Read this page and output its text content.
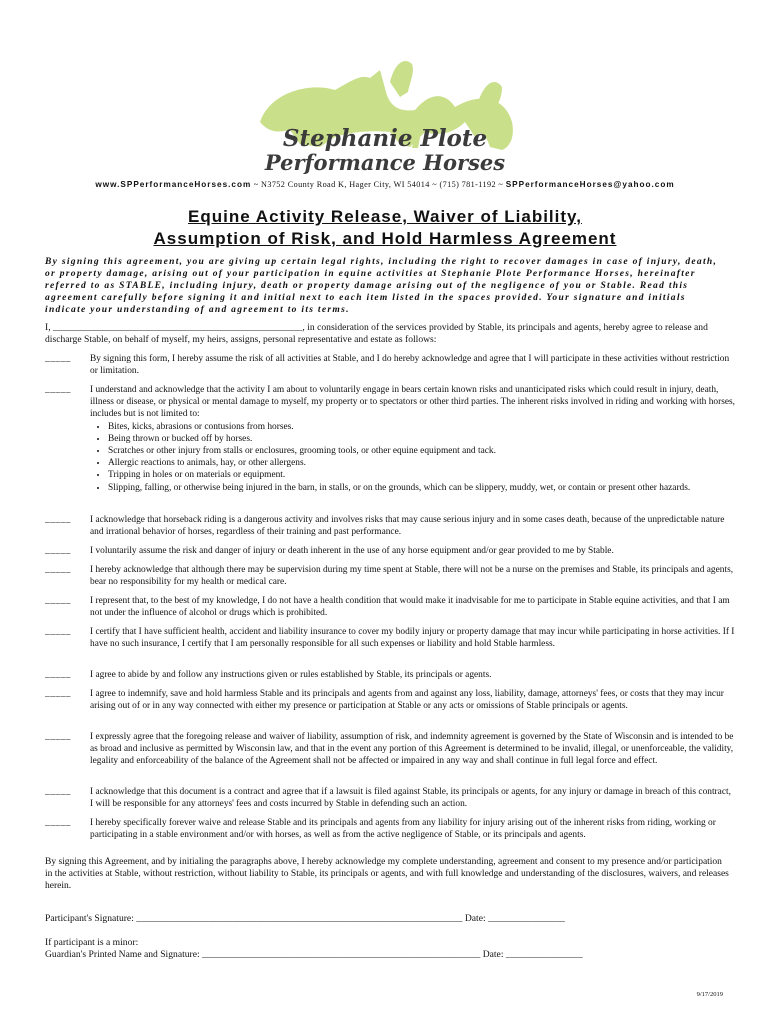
Stephanie Plote
Performance Horses
www.SPPerformanceHorses.com ~ N3752 County Road K, Hager City, WI 54014 ~ (715) 781-1192 ~ SPPerformanceHorses@yahoo.com
Equine Activity Release, Waiver of Liability,
Assumption of Risk, and Hold Harmless Agreement
By signing this agreement, you are giving up certain legal rights, including the right to recover damages in case of injury, death, or property damage, arising out of your participation in equine activities at Stephanie Plote Performance Horses, hereinafter referred to as STABLE, including injury, death or property damage arising out of the negligence of you or Stable. Read this agreement carefully before signing it and initial next to each item listed in the spaces provided. Your signature and initials indicate your understanding of and agreement to its terms.
I, ____________________________________________________, in consideration of the services provided by Stable, its principals and agents, hereby agree to release and discharge Stable, on behalf of myself, my heirs, assigns, personal representative and estate as follows:
_____ By signing this form, I hereby assume the risk of all activities at Stable, and I do hereby acknowledge and agree that I will participate in these activities without restriction or limitation.
_____ I understand and acknowledge that the activity I am about to voluntarily engage in bears certain known risks and unanticipated risks which could result in injury, death, illness or disease, or physical or mental damage to myself, my property or to spectators or other third parties. The inherent risks involved in riding and working with horses, includes but is not limited to:
• Bites, kicks, abrasions or contusions from horses.
• Being thrown or bucked off by horses.
• Scratches or other injury from stalls or enclosures, grooming tools, or other equine equipment and tack.
• Allergic reactions to animals, hay, or other allergens.
• Tripping in holes or on materials or equipment.
• Slipping, falling, or otherwise being injured in the barn, in stalls, or on the grounds, which can be slippery, muddy, wet, or contain or present other hazards.
_____ I acknowledge that horseback riding is a dangerous activity and involves risks that may cause serious injury and in some cases death, because of the unpredictable nature and irrational behavior of horses, regardless of their training and past performance.
_____ I voluntarily assume the risk and danger of injury or death inherent in the use of any horse equipment and/or gear provided to me by Stable.
_____ I hereby acknowledge that although there may be supervision during my time spent at Stable, there will not be a nurse on the premises and Stable, its principals and agents, bear no responsibility for my health or medical care.
_____ I represent that, to the best of my knowledge, I do not have a health condition that would make it inadvisable for me to participate in Stable equine activities, and that I am not under the influence of alcohol or drugs which is prohibited.
_____ I certify that I have sufficient health, accident and liability insurance to cover my bodily injury or property damage that may incur while participating in horse activities. If I have no such insurance, I certify that I am personally responsible for all such expenses or liability and hold Stable harmless.
_____ I agree to abide by and follow any instructions given or rules established by Stable, its principals or agents.
_____ I agree to indemnify, save and hold harmless Stable and its principals and agents from and against any loss, liability, damage, attorneys' fees, or costs that they may incur arising out of or in any way connected with either my presence or participation at Stable or any acts or omissions of Stable principals or agents.
_____ I expressly agree that the foregoing release and waiver of liability, assumption of risk, and indemnity agreement is governed by the State of Wisconsin and is intended to be as broad and inclusive as permitted by Wisconsin law, and that in the event any portion of this Agreement is determined to be invalid, illegal, or unenforceable, the validity, legality and enforceability of the balance of the Agreement shall not be affected or impaired in any way and shall continue in full legal force and effect.
_____ I acknowledge that this document is a contract and agree that if a lawsuit is filed against Stable, its principals or agents, for any injury or damage in breach of this contract, I will be responsible for any attorneys' fees and costs incurred by Stable in defending such an action.
_____ I hereby specifically forever waive and release Stable and its principals and agents from any liability for injury arising out of the inherent risks from riding, working or participating in a stable environment and/or with horses, as well as from the active negligence of Stable, or its principals and agents.
By signing this Agreement, and by initialing the paragraphs above, I hereby acknowledge my complete understanding, agreement and consent to my presence and/or participation in the activities at Stable, without restriction, without liability to Stable, its principals or agents, and with full knowledge and understanding of the disclosures, waivers, and releases herein.
Participant's Signature: ____________________________________________________________________ Date: ________________
If participant is a minor:
Guardian's Printed Name and Signature: __________________________________________________________ Date: ________________
9/17/2019
